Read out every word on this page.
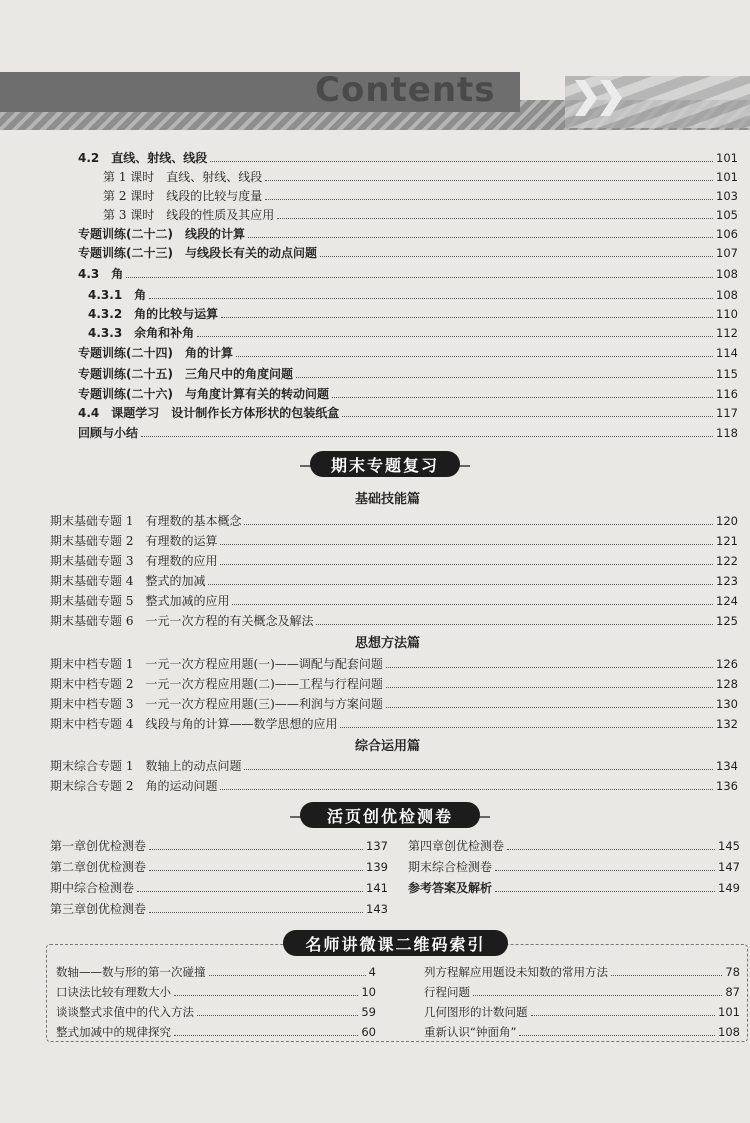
Contents
4.2　直线、射线、线段	101
第 1 课时　直线、射线、线段	101
第 2 课时　线段的比较与度量	103
第 3 课时　线段的性质及其应用	105
专题训练(二十二)　线段的计算	106
专题训练(二十三)　与线段长有关的动点问题	107
4.3　角	108
4.3.1　角	108
4.3.2　角的比较与运算	110
4.3.3　余角和补角	112
专题训练(二十四)　角的计算	114
专题训练(二十五)　三角尺中的角度问题	115
专题训练(二十六)　与角度计算有关的转动问题	116
4.4　课题学习　设计制作长方体形状的包装纸盒	117
回顾与小结	118
期末专题复习
基础技能篇
期末基础专题 1　有理数的基本概念	120
期末基础专题 2　有理数的运算	121
期末基础专题 3　有理数的应用	122
期末基础专题 4　整式的加减	123
期末基础专题 5　整式加减的应用	124
期末基础专题 6　一元一次方程的有关概念及解法	125
思想方法篇
期末中档专题 1　一元一次方程应用题(一)——调配与配套问题	126
期末中档专题 2　一元一次方程应用题(二)——工程与行程问题	128
期末中档专题 3　一元一次方程应用题(三)——利润与方案问题	130
期末中档专题 4　线段与角的计算——数学思想的应用	132
综合运用篇
期末综合专题 1　数轴上的动点问题	134
期末综合专题 2　角的运动问题	136
活页创优检测卷
第一章创优检测卷	137
第二章创优检测卷	139
期中综合检测卷	141
第三章创优检测卷	143
第四章创优检测卷	145
期末综合检测卷	147
参考答案及解析	149
名师讲微课二维码索引
数轴——数与形的第一次碰撞	4
口诀法比较有理数大小	10
谈谈整式求值中的代入方法	59
整式加减中的规律探究	60
列方程解应用题设未知数的常用方法	78
行程问题	87
几何图形的计数问题	101
重新认识“钟面角”	108
